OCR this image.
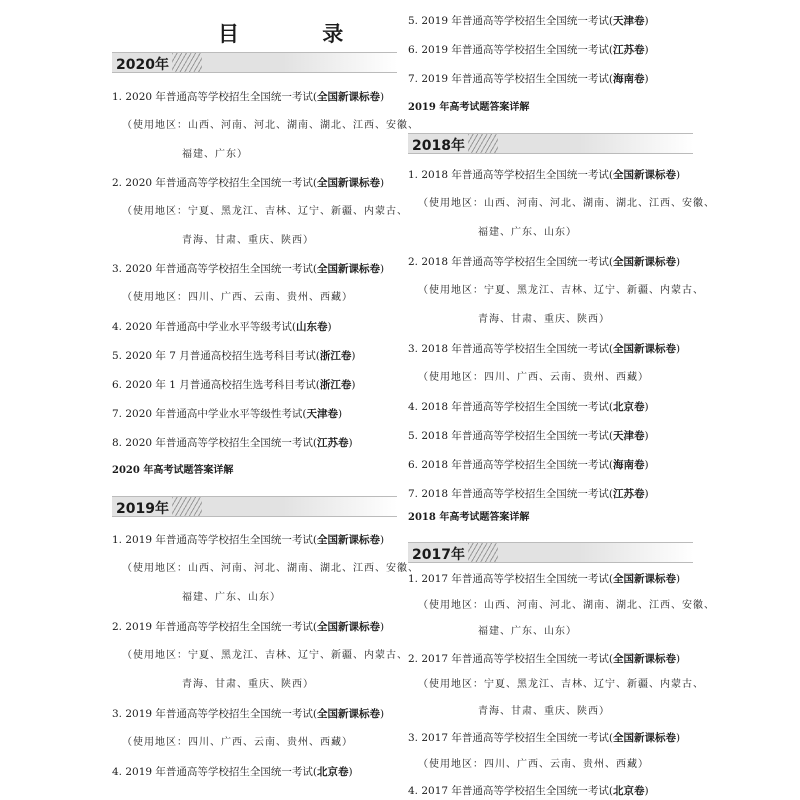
目 录
2020年
1. 2020 年普通高等学校招生全国统一考试(全国新课标卷)
（使用地区：山西、河南、河北、湖南、湖北、江西、安徽、
福建、广东）
2. 2020 年普通高等学校招生全国统一考试(全国新课标卷)
（使用地区：宁夏、黑龙江、吉林、辽宁、新疆、内蒙古、
青海、甘肃、重庆、陕西）
3. 2020 年普通高等学校招生全国统一考试(全国新课标卷)
（使用地区：四川、广西、云南、贵州、西藏）
4. 2020 年普通高中学业水平等级考试(山东卷)
5. 2020 年 7 月普通高校招生选考科目考试(浙江卷)
6. 2020 年 1 月普通高校招生选考科目考试(浙江卷)
7. 2020 年普通高中学业水平等级性考试(天津卷)
8. 2020 年普通高等学校招生全国统一考试(江苏卷)
2020 年高考试题答案详解
2019年
1. 2019 年普通高等学校招生全国统一考试(全国新课标卷)
（使用地区：山西、河南、河北、湖南、湖北、江西、安徽、
福建、广东、山东）
2. 2019 年普通高等学校招生全国统一考试(全国新课标卷)
（使用地区：宁夏、黑龙江、吉林、辽宁、新疆、内蒙古、
青海、甘肃、重庆、陕西）
3. 2019 年普通高等学校招生全国统一考试(全国新课标卷)
（使用地区：四川、广西、云南、贵州、西藏）
4. 2019 年普通高等学校招生全国统一考试(北京卷)
5. 2019 年普通高等学校招生全国统一考试(天津卷)
6. 2019 年普通高等学校招生全国统一考试(江苏卷)
7. 2019 年普通高等学校招生全国统一考试(海南卷)
2019 年高考试题答案详解
2018年
1. 2018 年普通高等学校招生全国统一考试(全国新课标卷)
（使用地区：山西、河南、河北、湖南、湖北、江西、安徽、
福建、广东、山东）
2. 2018 年普通高等学校招生全国统一考试(全国新课标卷)
（使用地区：宁夏、黑龙江、吉林、辽宁、新疆、内蒙古、
青海、甘肃、重庆、陕西）
3. 2018 年普通高等学校招生全国统一考试(全国新课标卷)
（使用地区：四川、广西、云南、贵州、西藏）
4. 2018 年普通高等学校招生全国统一考试(北京卷)
5. 2018 年普通高等学校招生全国统一考试(天津卷)
6. 2018 年普通高等学校招生全国统一考试(海南卷)
7. 2018 年普通高等学校招生全国统一考试(江苏卷)
2018 年高考试题答案详解
2017年
1. 2017 年普通高等学校招生全国统一考试(全国新课标卷)
（使用地区：山西、河南、河北、湖南、湖北、江西、安徽、
福建、广东、山东）
2. 2017 年普通高等学校招生全国统一考试(全国新课标卷)
（使用地区：宁夏、黑龙江、吉林、辽宁、新疆、内蒙古、
青海、甘肃、重庆、陕西）
3. 2017 年普通高等学校招生全国统一考试(全国新课标卷)
（使用地区：四川、广西、云南、贵州、西藏）
4. 2017 年普通高等学校招生全国统一考试(北京卷)
